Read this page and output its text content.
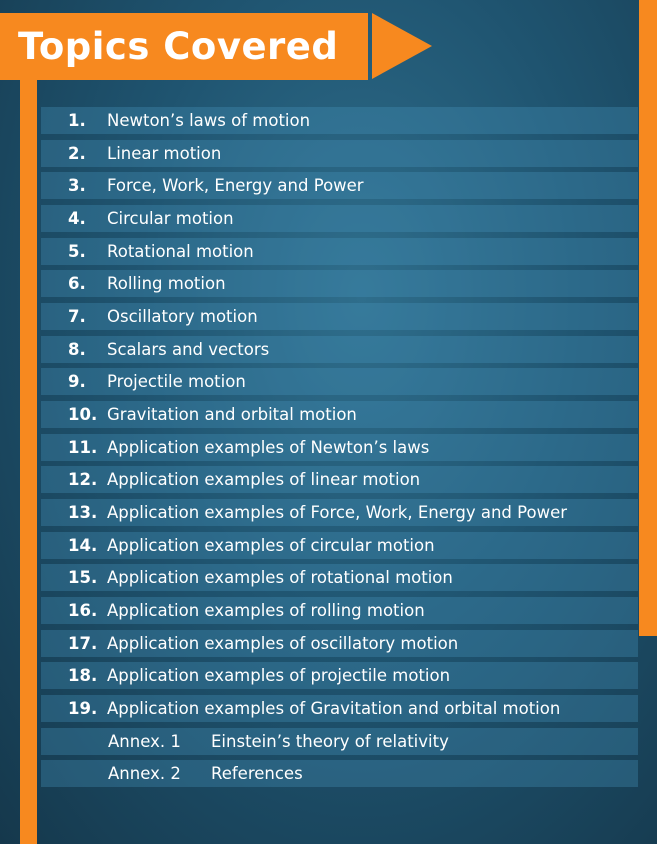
Topics Covered
1. Newton’s laws of motion
2. Linear motion
3. Force, Work, Energy and Power
4. Circular motion
5. Rotational motion
6. Rolling motion
7. Oscillatory motion
8. Scalars and vectors
9. Projectile motion
10. Gravitation and orbital motion
11. Application examples of Newton’s laws
12. Application examples of linear motion
13. Application examples of Force, Work, Energy and Power
14. Application examples of circular motion
15. Application examples of rotational motion
16. Application examples of rolling motion
17. Application examples of oscillatory motion
18. Application examples of projectile motion
19. Application examples of Gravitation and orbital motion
Annex. 1 Einstein’s theory of relativity
Annex. 2 References
